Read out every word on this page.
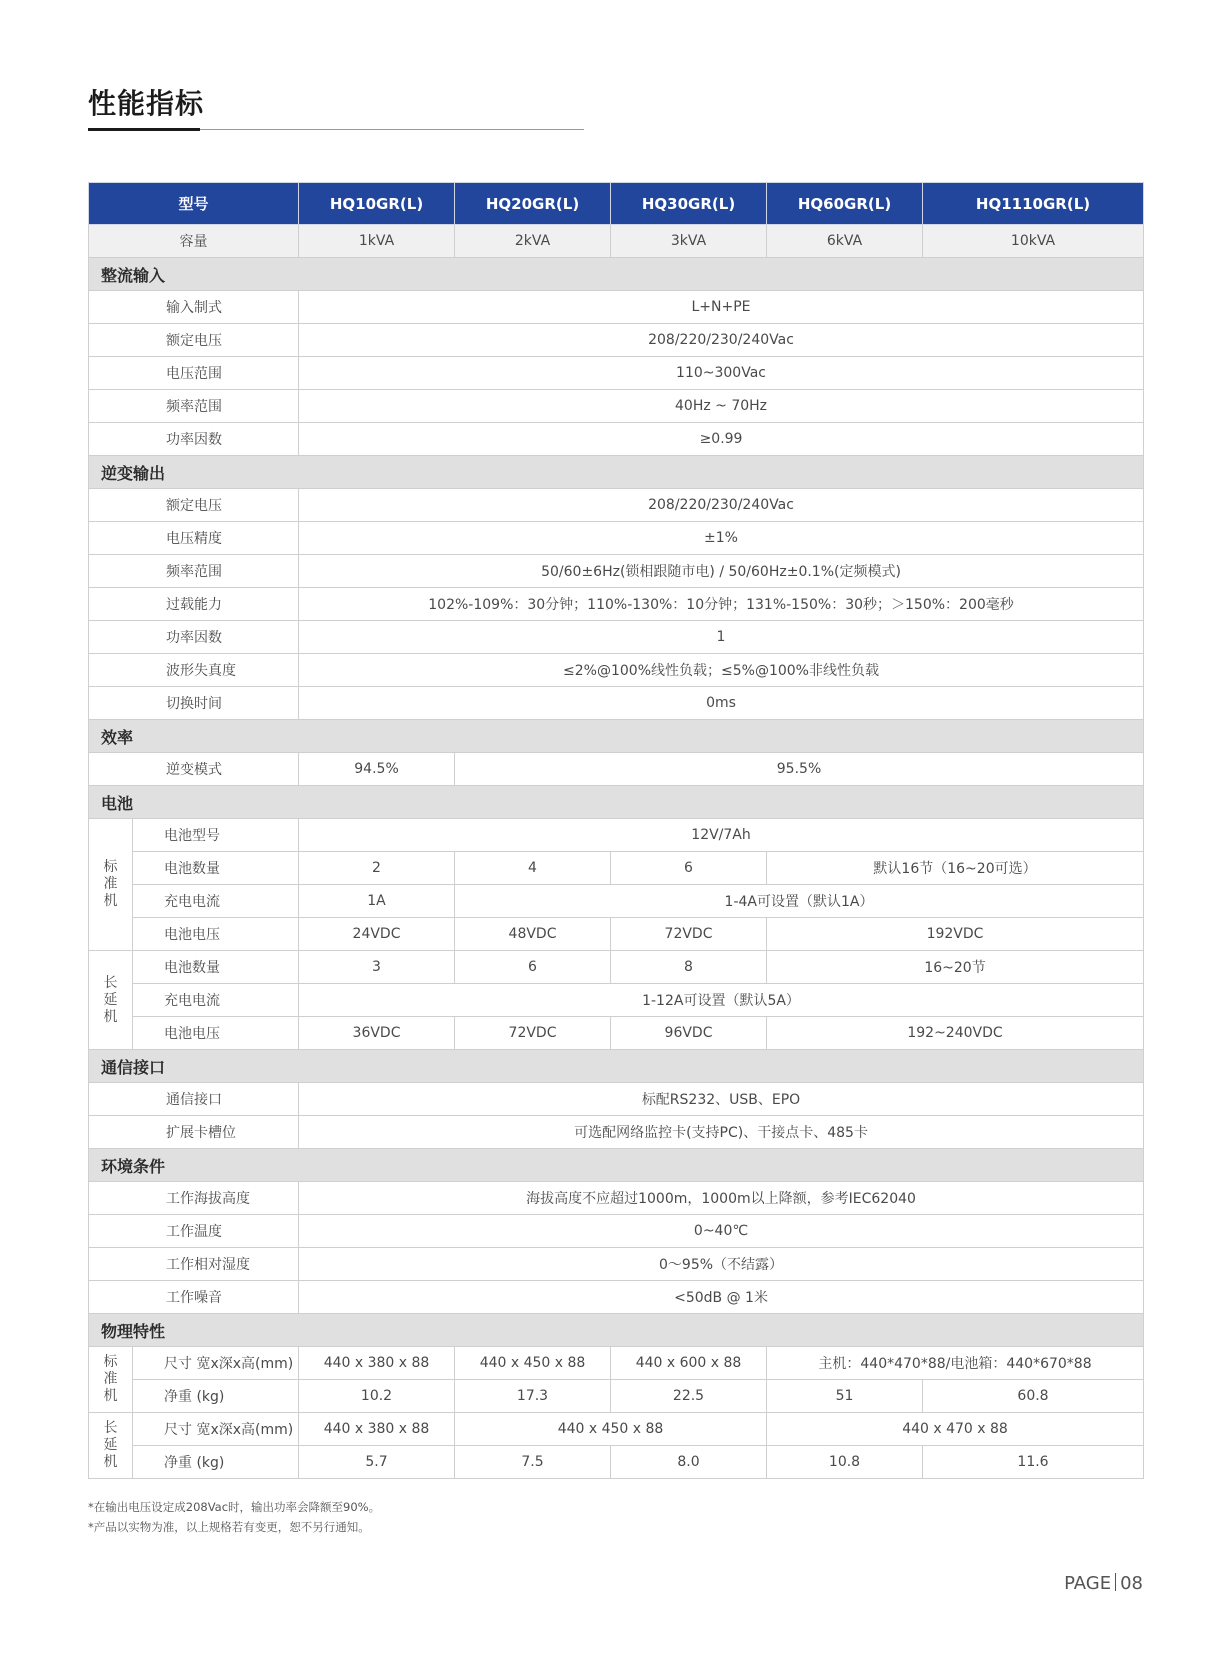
性能指标
型号		HQ10GR(L)	HQ20GR(L)	HQ30GR(L)	HQ60GR(L)	HQ1110GR(L)
容量		1kVA	2kVA	3kVA	6kVA	10kVA
整流输入						
输入制式		L+N+PE				
额定电压		208/220/230/240Vac				
电压范围		110~300Vac				
频率范围		40Hz ~ 70Hz				
功率因数		≥0.99				
逆变输出						
额定电压		208/220/230/240Vac				
电压精度		±1%				
频率范围		50/60±6Hz(锁相跟随市电) / 50/60Hz±0.1%(定频模式)				
过载能力		102%-109%：30分钟；110%-130%：10分钟；131%-150%：30秒；＞150%：200毫秒				
功率因数		1				
波形失真度		≤2%@100%线性负载；≤5%@100%非线性负载				
切换时间		0ms				
效率						
逆变模式		94.5%	95.5%			
电池						

标
准
机	电池型号	12V/7Ah				
	电池数量	2	4	6	默认16节（16~20可选）	
	充电电流	1A	1-4A可设置（默认1A）			
	电池电压	24VDC	48VDC	72VDC	192VDC	

长
延
机	电池数量	3	6	8	16~20节	
	充电电流	1-12A可设置（默认5A）				
	电池电压	36VDC	72VDC	96VDC	192~240VDC	
通信接口						
通信接口		标配RS232、USB、EPO				
扩展卡槽位		可选配网络监控卡(支持PC)、干接点卡、485卡				
环境条件						
工作海拔高度		海拔高度不应超过1000m，1000m以上降额，参考IEC62040				
工作温度		0~40℃				
工作相对湿度		0～95%（不结露）				
工作噪音		<50dB @ 1米				
物理特性						

标
准
机	尺寸 宽x深x高(mm)	440 x 380 x 88	440 x 450 x 88	440 x 600 x 88	主机：440*470*88/电池箱：440*670*88	
	净重 (kg)	10.2	17.3	22.5	51	60.8

长
延
机	尺寸 宽x深x高(mm)	440 x 380 x 88	440 x 450 x 88		440 x 470 x 88	
	净重 (kg)	5.7	7.5	8.0	10.8	11.6
*在输出电压设定成208Vac时，输出功率会降额至90%。
*产品以实物为准，以上规格若有变更，恕不另行通知。
PAGE 08
